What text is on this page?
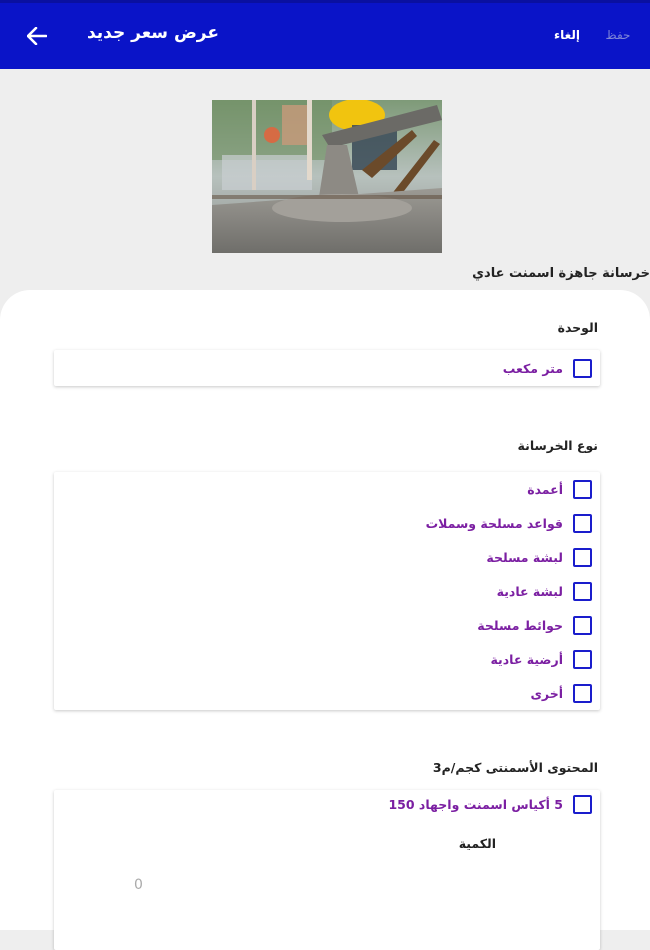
عرض سعر جديد	إلغاء حفظ
خرسانة جاهزة اسمنت عادي
الوحدة
متر مكعب
نوع الخرسانة
أعمدة
قواعد مسلحة وسملات
لبشة مسلحة
لبشة عادية
حوائط مسلحة
أرضية عادية
أخرى
المحتوى الأسمنتى كجم/م3
5 أكياس اسمنت واجهاد 150
الكمية
0
